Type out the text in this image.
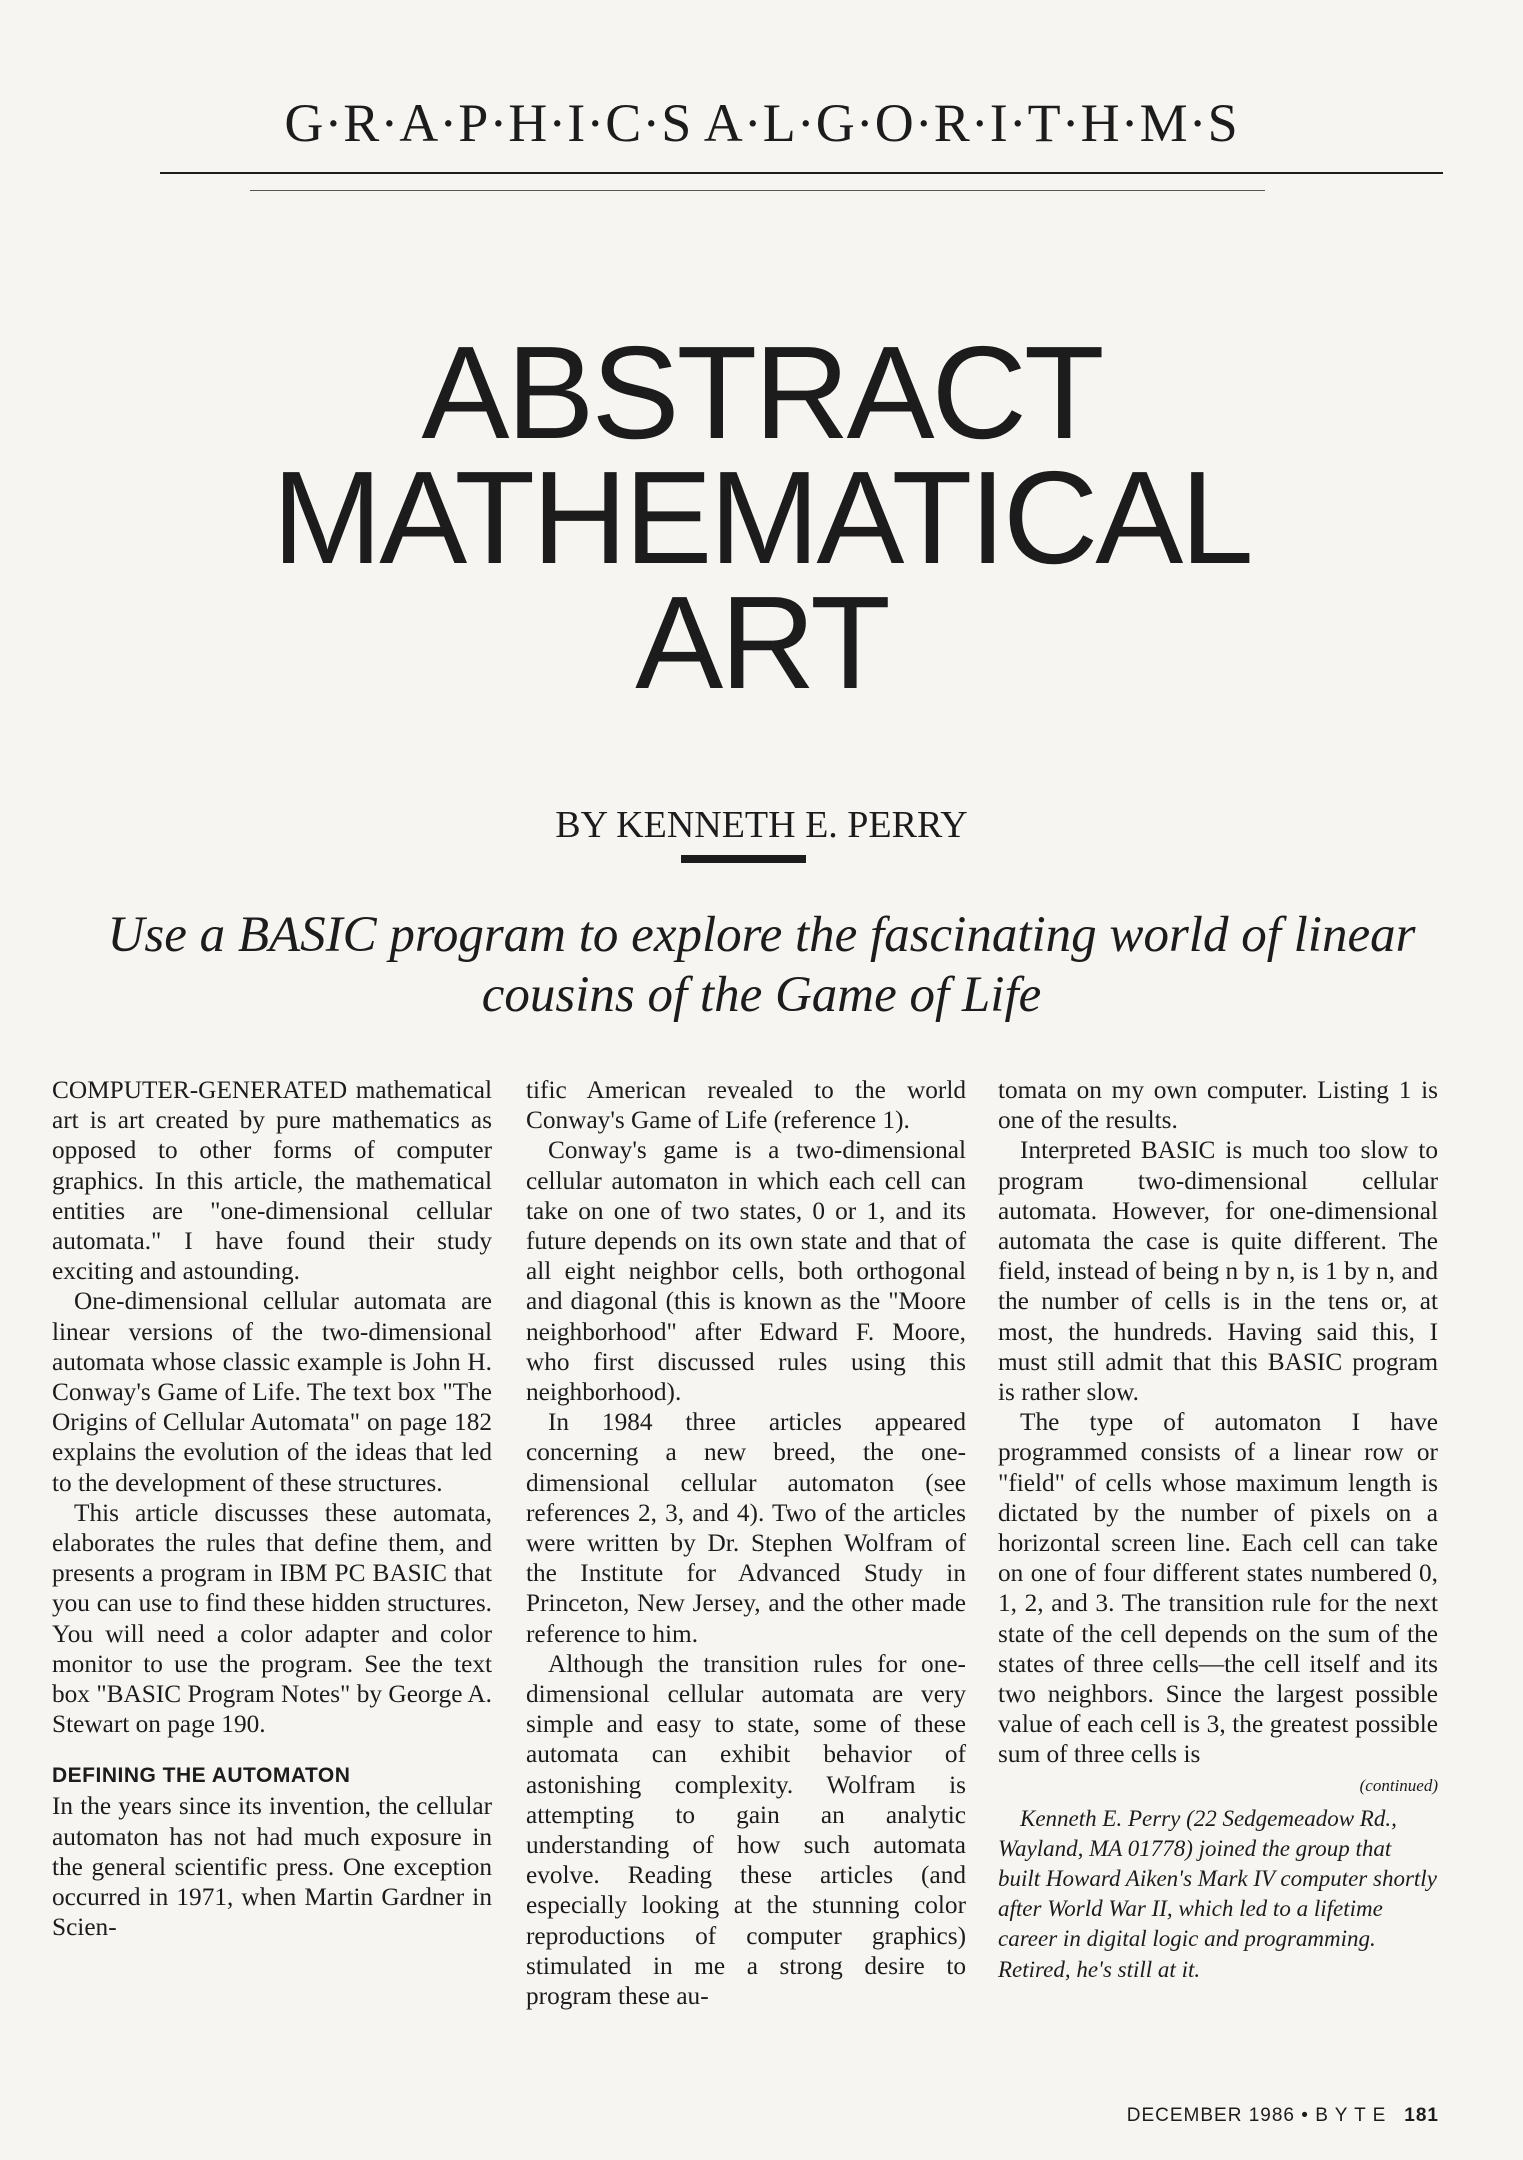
G·R·A·P·H·I·C·S A·L·G·O·R·I·T·H·M·S
ABSTRACT
MATHEMATICAL
ART
BY KENNETH E. PERRY
Use a BASIC program to explore the fascinating world of linear cousins of the Game of Life

COMPUTER-GENERATED mathematical art is art created by pure mathematics as opposed to other forms of computer graphics. In this article, the mathematical entities are "one-dimensional cellular automata." I have found their study exciting and astounding.

One-dimensional cellular automata are linear versions of the two-dimensional automata whose classic example is John H. Conway's Game of Life. The text box "The Origins of Cellular Automata" on page 182 explains the evolution of the ideas that led to the development of these structures.

This article discusses these automata, elaborates the rules that define them, and presents a program in IBM PC BASIC that you can use to find these hidden structures. You will need a color adapter and color monitor to use the program. See the text box "BASIC Program Notes" by George A. Stewart on page 190.

DEFINING THE AUTOMATON

In the years since its invention, the cellular automaton has not had much exposure in the general scientific press. One exception occurred in 1971, when Martin Gardner in Scien-

tific American revealed to the world Conway's Game of Life (reference 1).

Conway's game is a two-dimensional cellular automaton in which each cell can take on one of two states, 0 or 1, and its future depends on its own state and that of all eight neighbor cells, both orthogonal and diagonal (this is known as the "Moore neighborhood" after Edward F. Moore, who first discussed rules using this neighborhood).

In 1984 three articles appeared concerning a new breed, the one-dimensional cellular automaton (see references 2, 3, and 4). Two of the articles were written by Dr. Stephen Wolfram of the Institute for Advanced Study in Princeton, New Jersey, and the other made reference to him.

Although the transition rules for one-dimensional cellular automata are very simple and easy to state, some of these automata can exhibit behavior of astonishing complexity. Wolfram is attempting to gain an analytic understanding of how such automata evolve. Reading these articles (and especially looking at the stunning color reproductions of computer graphics) stimulated in me a strong desire to program these au-

tomata on my own computer. Listing 1 is one of the results.

Interpreted BASIC is much too slow to program two-dimensional cellular automata. However, for one-dimensional automata the case is quite different. The field, instead of being n by n, is 1 by n, and the number of cells is in the tens or, at most, the hundreds. Having said this, I must still admit that this BASIC program is rather slow.

The type of automaton I have programmed consists of a linear row or "field" of cells whose maximum length is dictated by the number of pixels on a horizontal screen line. Each cell can take on one of four different states numbered 0, 1, 2, and 3. The transition rule for the next state of the cell depends on the sum of the states of three cells—the cell itself and its two neighbors. Since the largest possible value of each cell is 3, the greatest possible sum of three cells is

(continued)

Kenneth E. Perry (22 Sedgemeadow Rd., Wayland, MA 01778) joined the group that built Howard Aiken's Mark IV computer shortly after World War II, which led to a lifetime career in digital logic and programming. Retired, he's still at it.

DECEMBER 1986 • B Y T E 181
